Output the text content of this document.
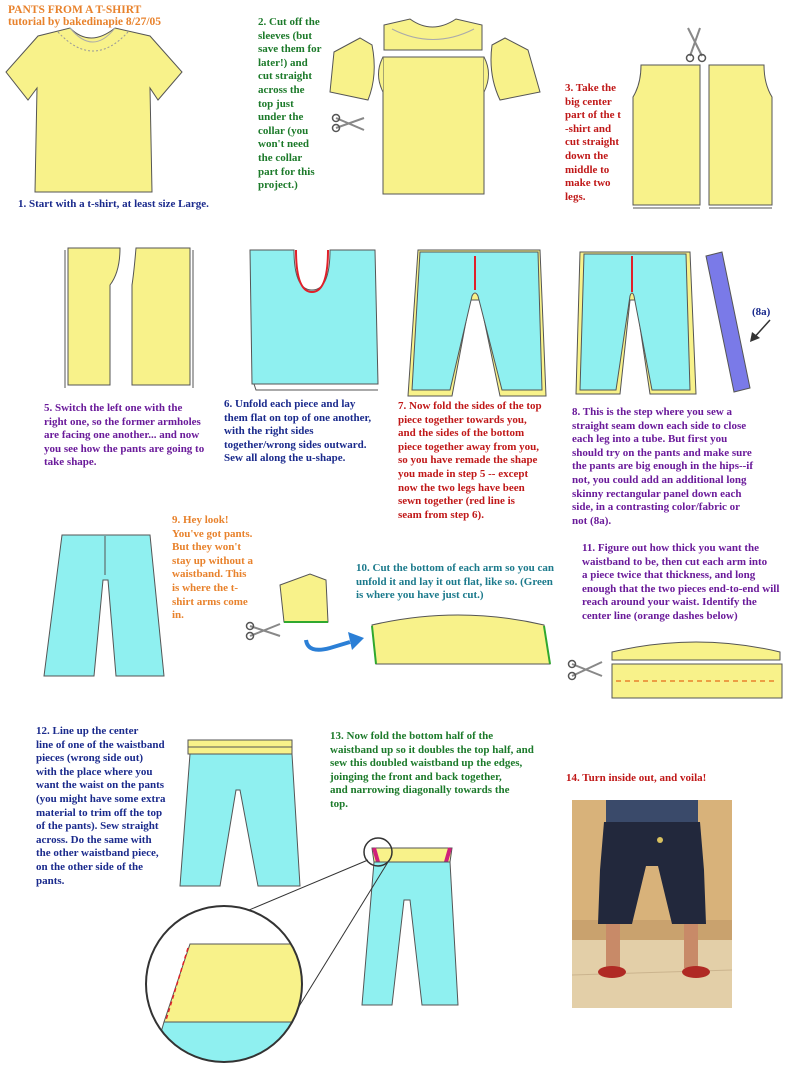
PANTS FROM A T-SHIRT
tutorial by bakedinapie 8/27/05
1. Start with a t-shirt, at least size Large.
2. Cut off the
sleeves (but
save them for
later!) and
cut straight
across the
top just
under the
collar (you
won't need
the collar
part for this
project.)
3. Take the
big center
part of the t
-shirt and
cut straight
down the
middle to
make two
legs.
5. Switch the left one with the
right one, so the former armholes
are facing one another... and now
you see how the pants are going to
take shape.
6. Unfold each piece and lay
them flat on top of one another,
with the right sides
together/wrong sides outward.
Sew all along the u-shape.
7. Now fold the sides of the top
piece together towards you,
and the sides of the bottom
piece together away from you,
so you have remade the shape
you made in step 5 -- except
now the two legs have been
sewn together (red line is
seam from step 6).
8. This is the step where you sew a
straight seam down each side to close
each leg into a tube. But first you
should try on the pants and make sure
the pants are big enough in the hips--if
not, you could add an additional long
skinny rectangular panel down each
side, in a contrasting color/fabric or
not (8a).
(8a)
9. Hey look!
You've got pants.
But they won't
stay up without a
waistband. This
is where the t-
shirt arms come
in.
10. Cut the bottom of each arm so you can
unfold it and lay it out flat, like so. (Green
is where you have just cut.)
11. Figure out how thick you want the
waistband to be, then cut each arm into
a piece twice that thickness, and long
enough that the two pieces end-to-end will
reach around your waist. Identify the
center line (orange dashes below)
12. Line up the center
line of one of the waistband
pieces (wrong side out)
with the place where you
want the waist on the pants
(you might have some extra
material to trim off the top
of the pants). Sew straight
across. Do the same with
the other waistband piece,
on the other side of the
pants.
13. Now fold the bottom half of the
waistband up so it doubles the top half, and
sew this doubled waistband up the edges,
joinging the front and back together,
and narrowing diagonally towards the
top.
14. Turn inside out, and voila!
